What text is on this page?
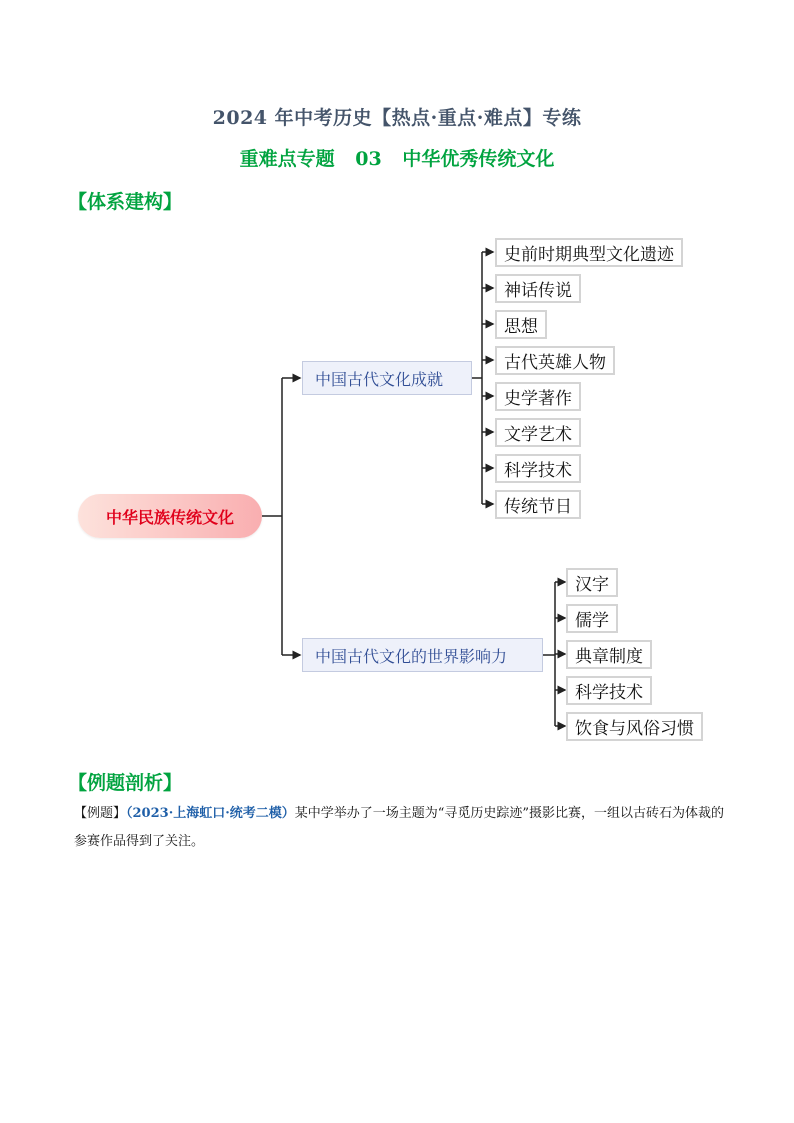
2024 年中考历史【热点·重点·难点】专练
重难点专题 03 中华优秀传统文化
【体系建构】
中华民族传统文化
中国古代文化成就
中国古代文化的世界影响力
史前时期典型文化遗迹
神话传说
思想
古代英雄人物
史学著作
文学艺术
科学技术
传统节日
汉字
儒学
典章制度
科学技术
饮食与风俗习惯
【例题剖析】
【例题】（2023·上海虹口·统考二模）某中学举办了一场主题为“寻觅历史踪迹”摄影比赛，一组以古砖石为体裁的参赛作品得到了关注。
